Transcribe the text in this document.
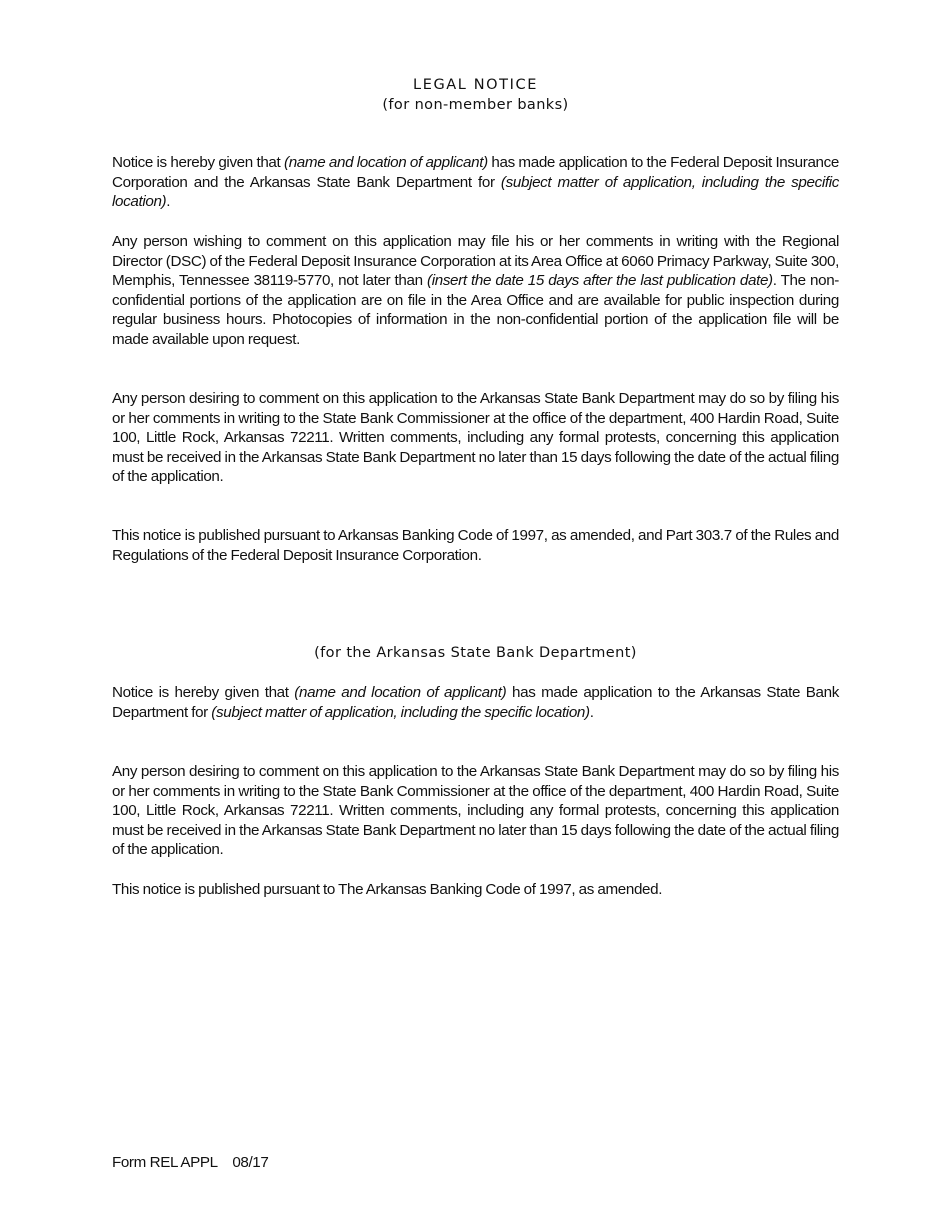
LEGAL NOTICE
(for non-member banks)

Notice is hereby given that (name and location of applicant) has made application to the Federal Deposit Insurance Corporation and the Arkansas State Bank Department for (subject matter of application, including the specific location).

Any person wishing to comment on this application may file his or her comments in writing with the Regional Director (DSC) of the Federal Deposit Insurance Corporation at its Area Office at 6060 Primacy Parkway, Suite 300, Memphis, Tennessee 38119-5770, not later than (insert the date 15 days after the last publication date). The non-confidential portions of the application are on file in the Area Office and are available for public inspection during regular business hours. Photocopies of information in the non-confidential portion of the application file will be made available upon request.

Any person desiring to comment on this application to the Arkansas State Bank Department may do so by filing his or her comments in writing to the State Bank Commissioner at the office of the department, 400 Hardin Road, Suite 100, Little Rock, Arkansas 72211. Written comments, including any formal protests, concerning this application must be received in the Arkansas State Bank Department no later than 15 days following the date of the actual filing of the application.

This notice is published pursuant to Arkansas Banking Code of 1997, as amended, and Part 303.7 of the Rules and Regulations of the Federal Deposit Insurance Corporation.

(for the Arkansas State Bank Department)

Notice is hereby given that (name and location of applicant) has made application to the Arkansas State Bank Department for (subject matter of application, including the specific location).

Any person desiring to comment on this application to the Arkansas State Bank Department may do so by filing his or her comments in writing to the State Bank Commissioner at the office of the department, 400 Hardin Road, Suite 100, Little Rock, Arkansas 72211. Written comments, including any formal protests, concerning this application must be received in the Arkansas State Bank Department no later than 15 days following the date of the actual filing of the application.

This notice is published pursuant to The Arkansas Banking Code of 1997, as amended.

Form REL APPL 08/17
